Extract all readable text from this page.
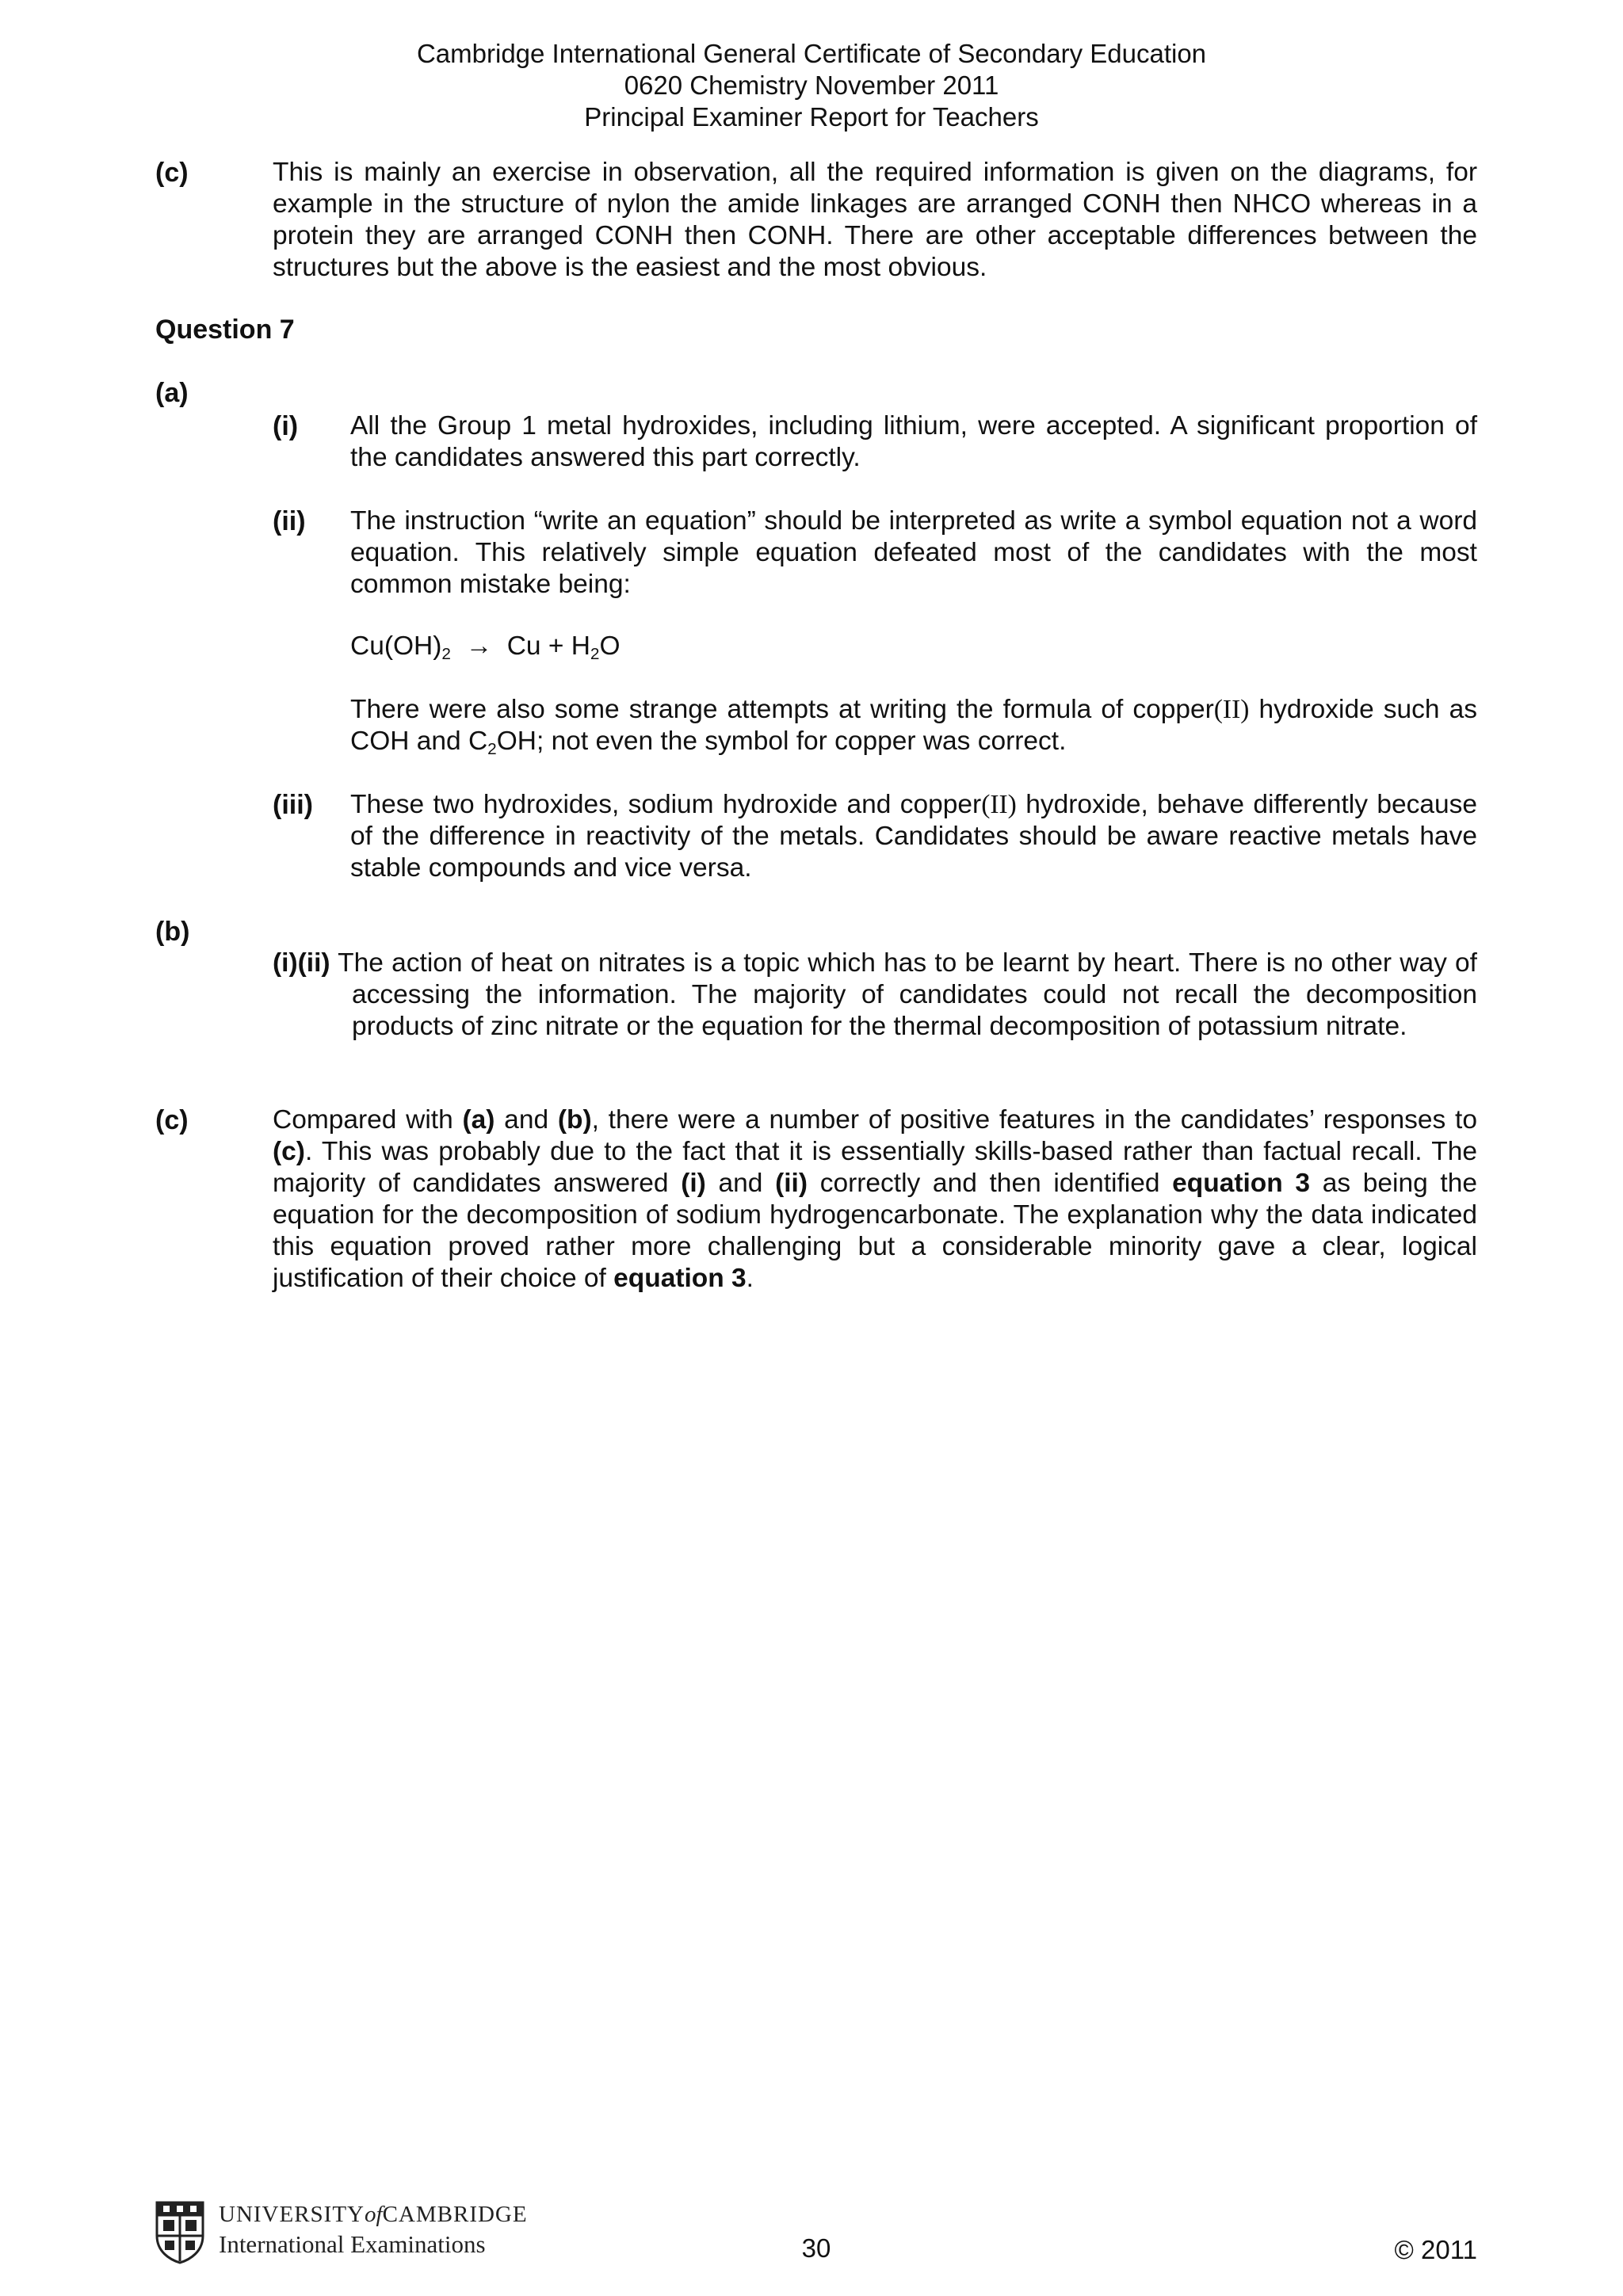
Cambridge International General Certificate of Secondary Education
0620 Chemistry November 2011
Principal Examiner Report for Teachers
(c)	This is mainly an exercise in observation, all the required information is given on the diagrams, for example in the structure of nylon the amide linkages are arranged CONH then NHCO whereas in a protein they are arranged CONH then CONH. There are other acceptable differences between the structures but the above is the easiest and the most obvious.

Question 7
(a)
(i) All the Group 1 metal hydroxides, including lithium, were accepted. A significant proportion of the candidates answered this part correctly.

(ii) The instruction “write an equation” should be interpreted as write a symbol equation not a word equation. This relatively simple equation defeated most of the candidates with the most common mistake being:

$Cu(OH)_2 \to Cu + H_2O$

There were also some strange attempts at writing the formula of copper(II) hydroxide such as COH and $C_2OH$; not even the symbol for copper was correct.

(iii) These two hydroxides, sodium hydroxide and copper(II) hydroxide, behave differently because of the difference in reactivity of the metals. Candidates should be aware reactive metals have stable compounds and vice versa.

(b)

(i)(ii) The action of heat on nitrates is a topic which has to be learnt by heart. There is no other way of accessing the information. The majority of candidates could not recall the decomposition products of zinc nitrate or the equation for the thermal decomposition of potassium nitrate.

(c)	Compared with (a) and (b), there were a number of positive features in the candidates’ responses to (c). This was probably due to the fact that it is essentially skills-based rather than factual recall. The majority of candidates answered (i) and (ii) correctly and then identified equation 3 as being the equation for the decomposition of sodium hydrogencarbonate. The explanation why the data indicated this equation proved rather more challenging but a considerable minority gave a clear, logical justification of their choice of equation 3.

UNIVERSITYofCAMBRIDGE
International Examinations	30	© 2011
